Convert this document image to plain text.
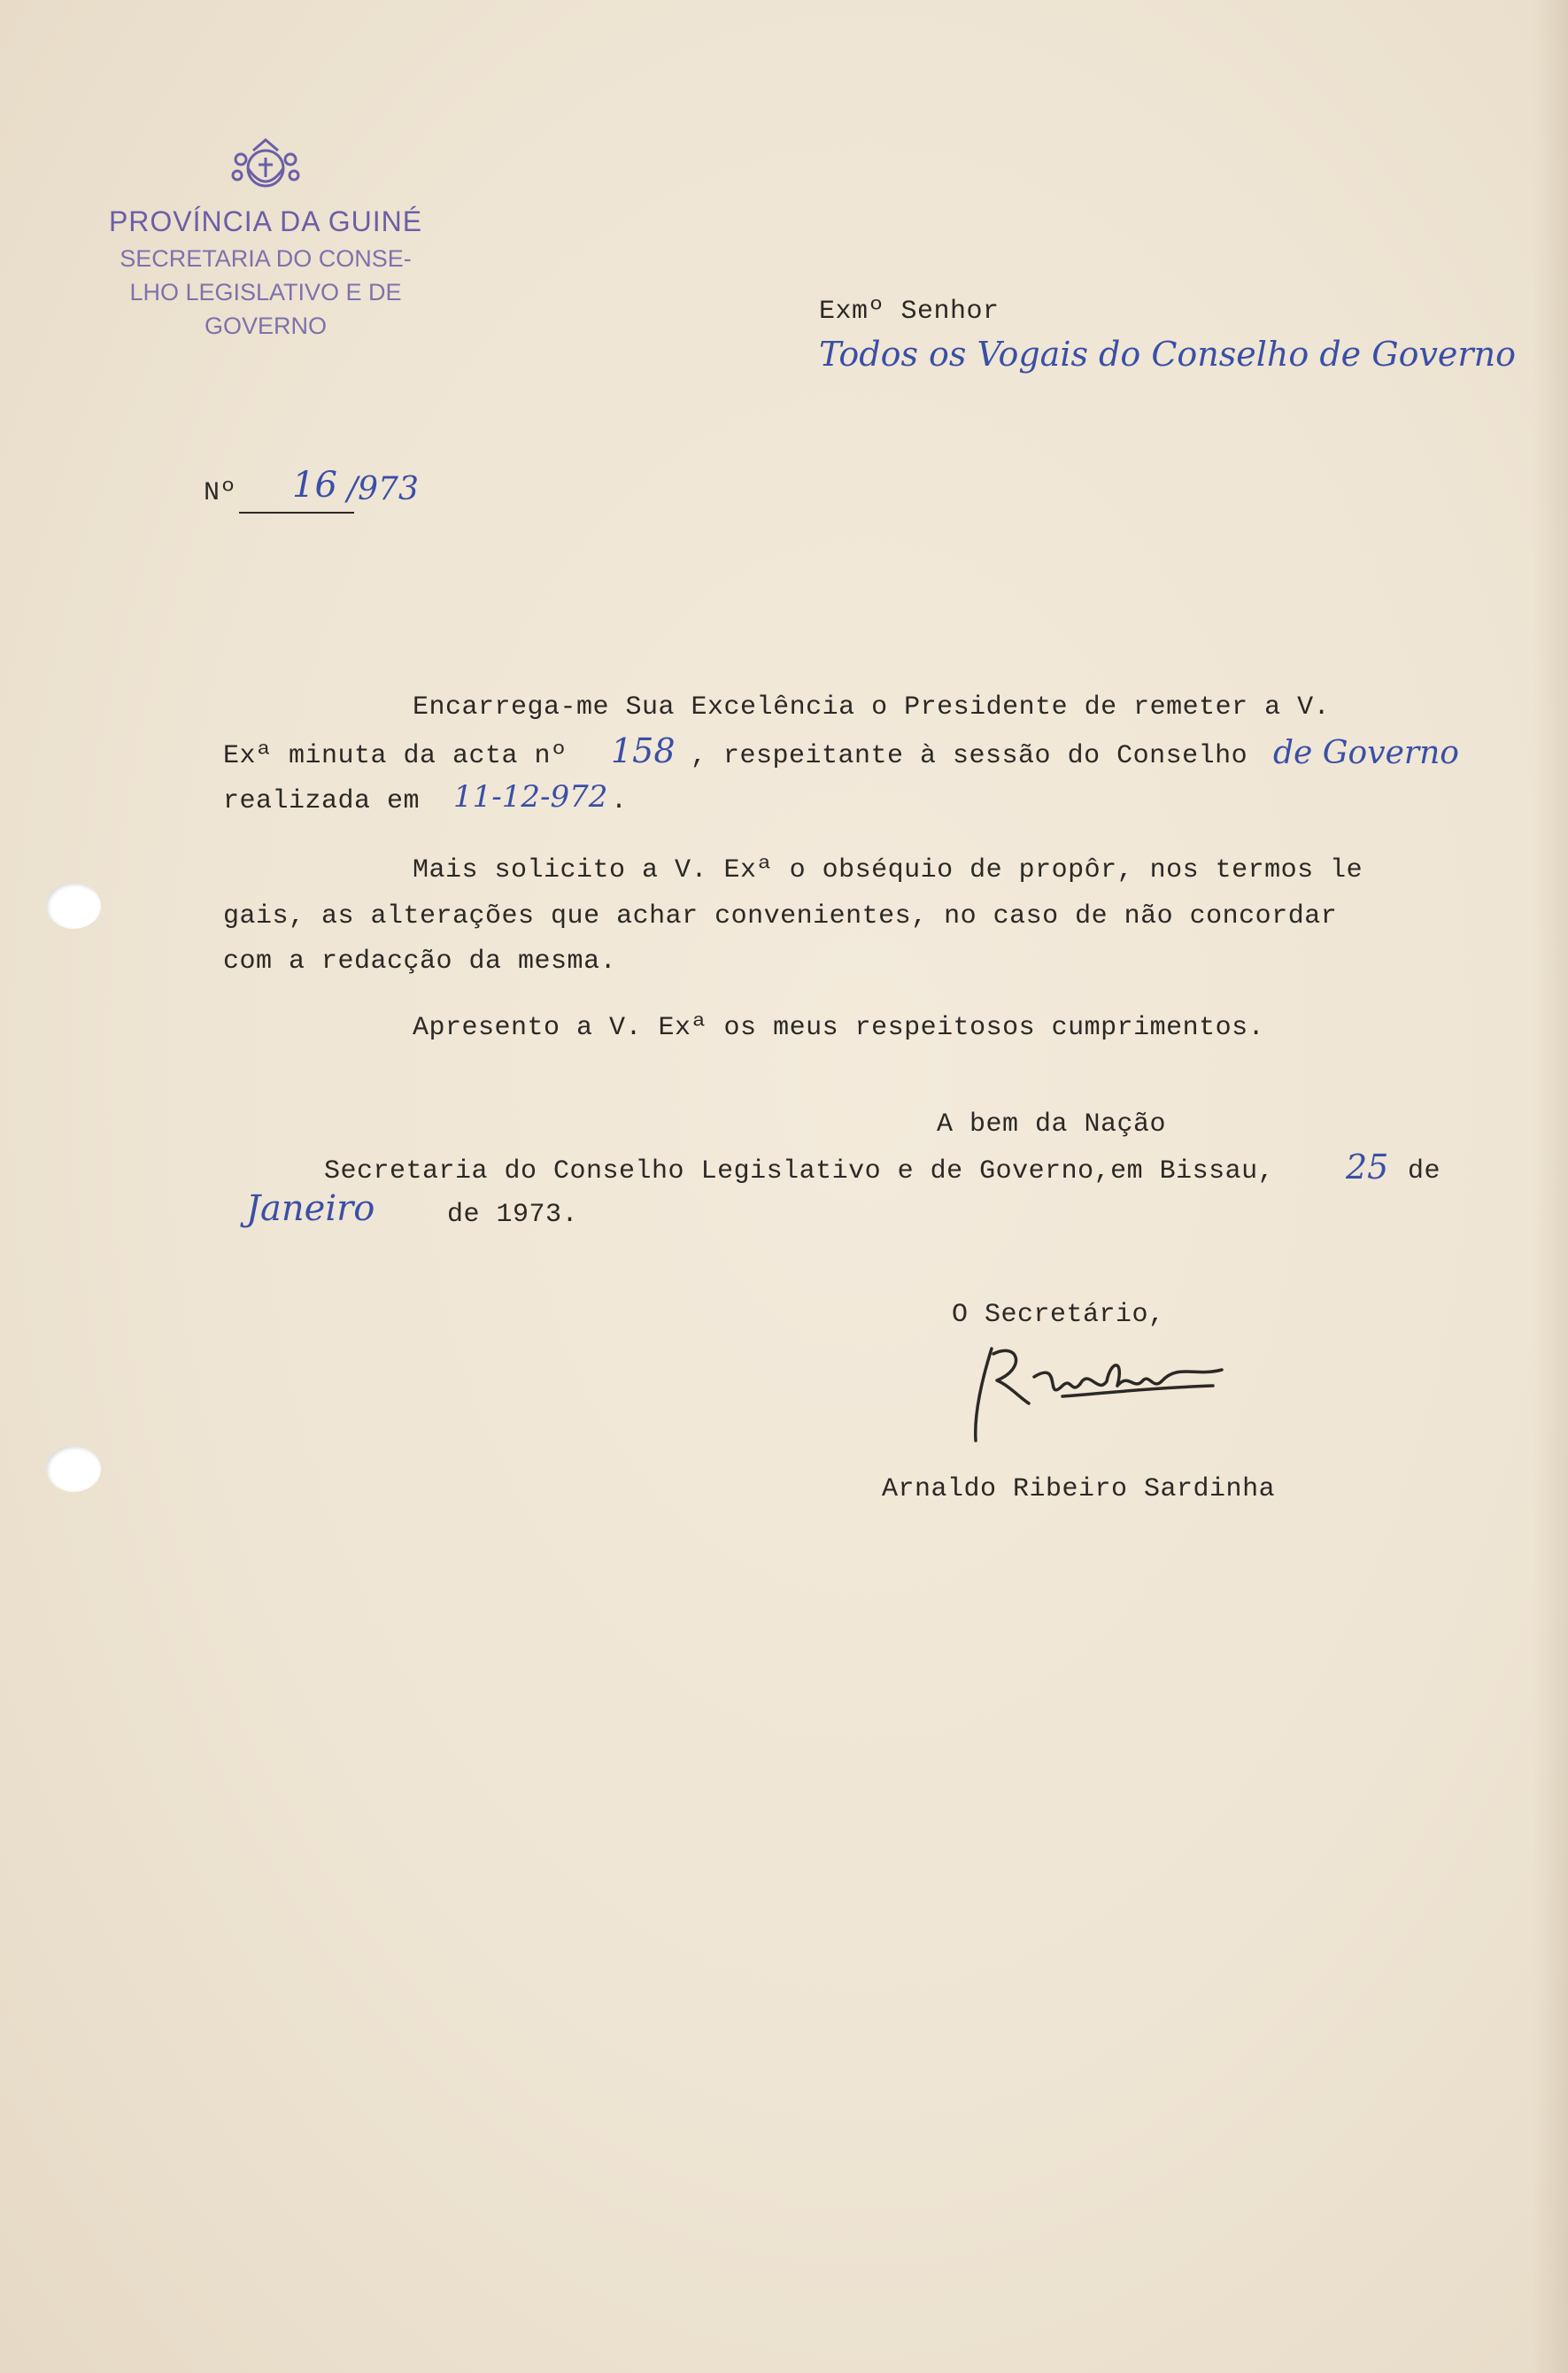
PROVÍNCIA DA GUINÉ
SECRETARIA DO CONSE-
LHO LEGISLATIVO E DE
GOVERNO	Exmº Senhor
Todos os Vogais do Conselho de Governo
Nº 16 /973
Encarrega-me Sua Excelência o Presidente de remeter a V.
Exª minuta da acta nº 158 , respeitante à sessão do Conselho de Governo
realizada em 11-12-972 .
Mais solicito a V. Exª o obséquio de propôr, nos termos le
gais, as alterações que achar convenientes, no caso de não concordar
com a redacção da mesma.
Apresento a V. Exª os meus respeitosos cumprimentos.
A bem da Nação
Secretaria do Conselho Legislativo e de Governo,em Bissau, 25 de
Janeiro	de 1973.
O Secretário,
Arnaldo Ribeiro Sardinha
